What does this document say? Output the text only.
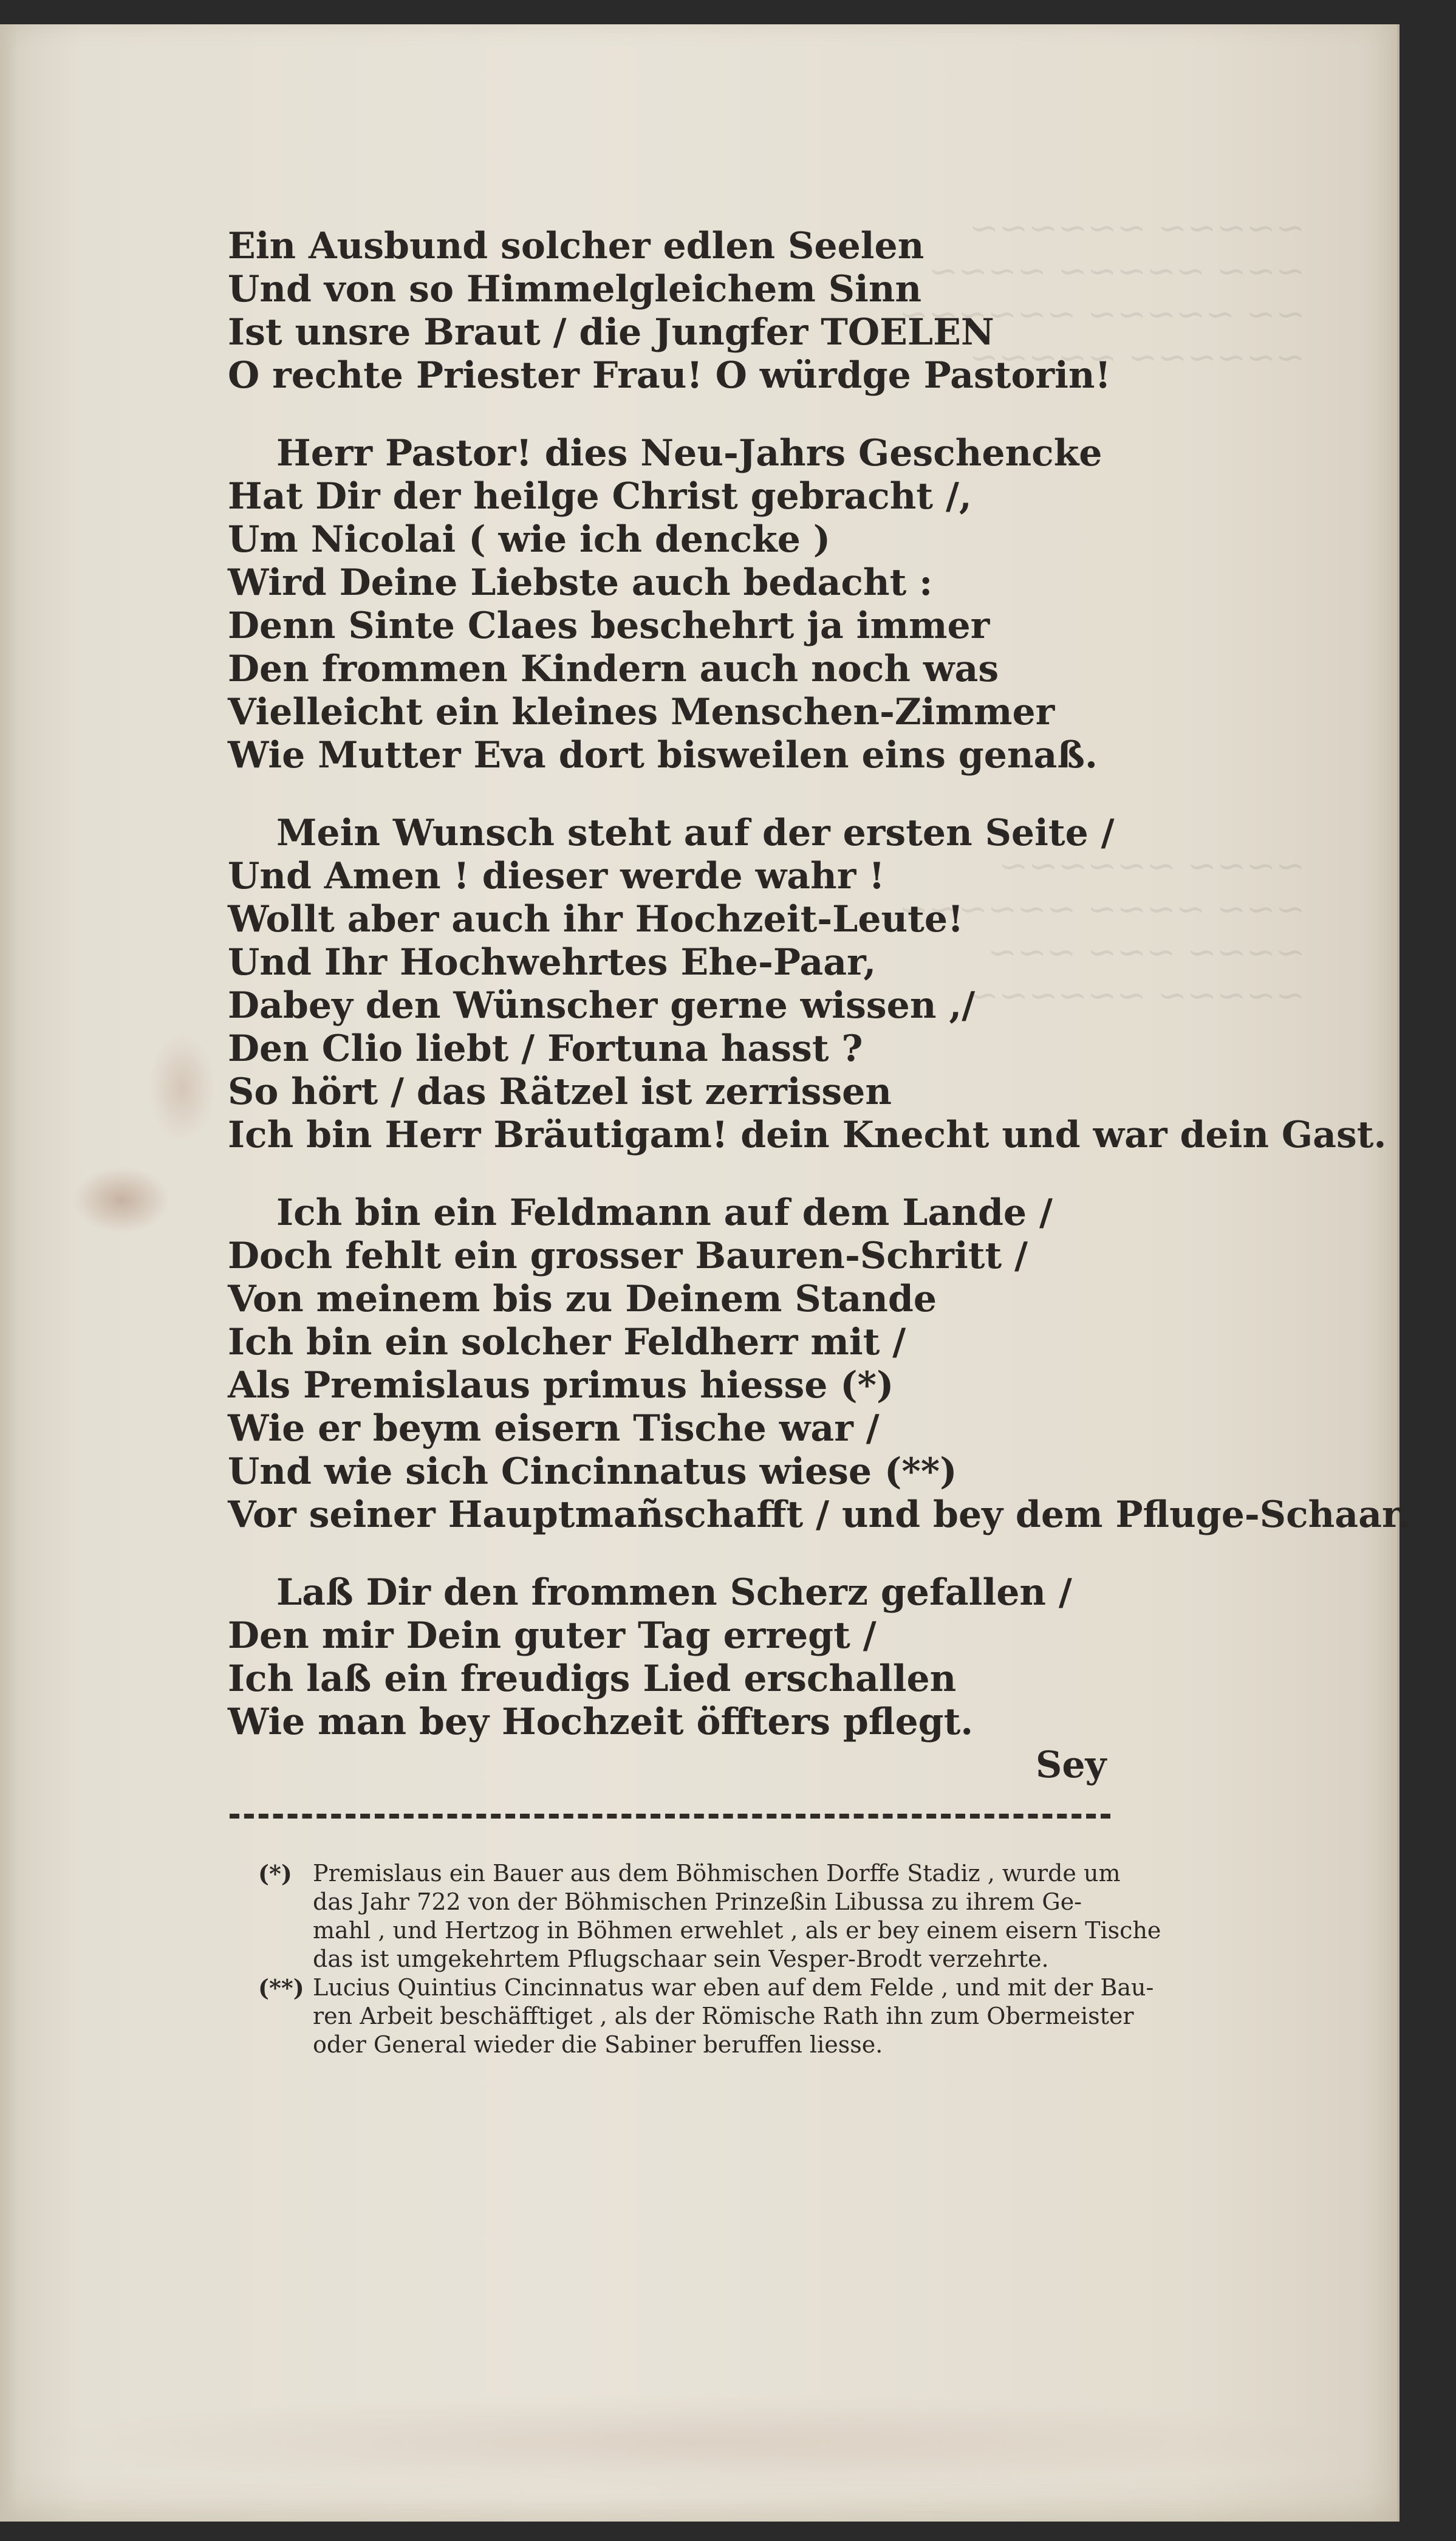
~~~~~ ~~~~~~
~~~ ~~~~~ ~~~~
~~ ~~~~~ ~~~~~~
~~~~~~ ~~~~~
~~~~ ~~~~~~
~~~ ~~~~ ~~~~~~
~~~~ ~~~ ~~~
~~~~~ ~~~~~~
Ein Ausbund solcher edlen Seelen
Und von so Himmelgleichem Sinn
Ist unsre Braut / die Jungfer TOELEN
O rechte Priester Frau! O würdge Pastorin!
Herr Pastor! dies Neu-Jahrs Geschencke
Hat Dir der heilge Christ gebracht /,
Um Nicolai ( wie ich dencke )
Wird Deine Liebste auch bedacht :
Denn Sinte Claes beschehrt ja immer
Den frommen Kindern auch noch was
Vielleicht ein kleines Menschen-Zimmer
Wie Mutter Eva dort bisweilen eins genaß.
Mein Wunsch steht auf der ersten Seite /
Und Amen ! dieser werde wahr !
Wollt aber auch ihr Hochzeit-Leute!
Und Ihr Hochwehrtes Ehe-Paar,
Dabey den Wünscher gerne wissen ,/
Den Clio liebt / Fortuna hasst ?
So hört / das Rätzel ist zerrissen
Ich bin Herr Bräutigam! dein Knecht und war dein Gast.
Ich bin ein Feldmann auf dem Lande /
Doch fehlt ein grosser Bauren-Schritt /
Von meinem bis zu Deinem Stande
Ich bin ein solcher Feldherr mit /
Als Premislaus primus hiesse (*)
Wie er beym eisern Tische war /
Und wie sich Cincinnatus wiese (**)
Vor seiner Hauptmañschafft / und bey dem Pfluge-Schaar.
Laß Dir den frommen Scherz gefallen /
Den mir Dein guter Tag erregt /
Ich laß ein freudigs Lied erschallen
Wie man bey Hochzeit öffters pflegt.
Sey
(*) Premislaus ein Bauer aus dem Böhmischen Dorffe Stadiz , wurde um
das Jahr 722 von der Böhmischen Prinzeßin Libussa zu ihrem Ge-
mahl , und Hertzog in Böhmen erwehlet , als er bey einem eisern Tische
das ist umgekehrtem Pflugschaar sein Vesper-Brodt verzehrte.
(**) Lucius Quintius Cincinnatus war eben auf dem Felde , und mit der Bau-
ren Arbeit beschäfftiget , als der Römische Rath ihn zum Obermeister
oder General wieder die Sabiner beruffen liesse.
